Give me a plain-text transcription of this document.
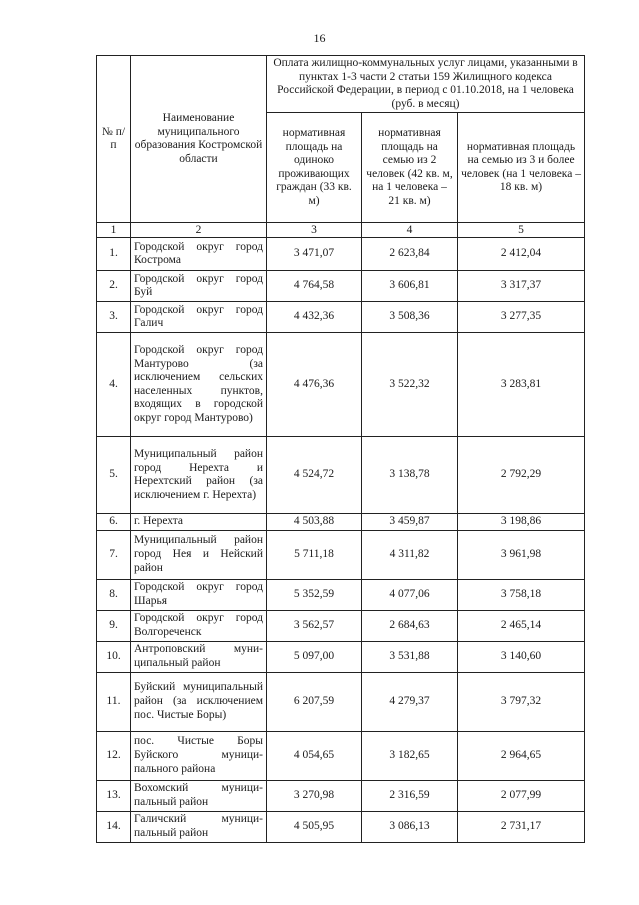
16
№ п/п	Наименование муниципального образования Костромской области	Оплата жилищно-коммунальных услуг лицами, указанными в пунктах 1-3 части 2 статьи 159 Жилищного кодекса Российской Федерации, в период с 01.10.2018, на 1 человека (руб. в месяц)		
		нормативная площадь на одиноко проживающих граждан (33 кв. м)	нормативная площадь на семью из 2 человек (42 кв. м, на 1 человека – 21 кв. м)	нормативная площадь на семью из 3 и более человек (на 1 человека – 18 кв. м)
1	2	3	4	5
1.	Городской округ город Кострома	3 471,07	2 623,84	2 412,04
2.	Городской округ город Буй	4 764,58	3 606,81	3 317,37
3.	Городской округ город Галич	4 432,36	3 508,36	3 277,35
4.	Городской округ город Мантурово (за исключением сельских населенных пунктов, входящих в городской округ город Мантурово)	4 476,36	3 522,32	3 283,81
5.	Муниципальный район город Нерехта и Нерехтский район (за исключением г. Нерехта)	4 524,72	3 138,78	2 792,29
6.	г. Нерехта	4 503,88	3 459,87	3 198,86
7.	Муниципальный район город Нея и Нейский район	5 711,18	4 311,82	3 961,98
8.	Городской округ город Шарья	5 352,59	4 077,06	3 758,18
9.	Городской округ город Волгореченск	3 562,57	2 684,63	2 465,14
10.	Антроповский муниципальный район	5 097,00	3 531,88	3 140,60
11.	Буйский муниципальный район (за исключением пос. Чистые Боры)	6 207,59	4 279,37	3 797,32
12.	пос. Чистые Боры Буйского муниципального района	4 054,65	3 182,65	2 964,65
13.	Вохомский муниципальный район	3 270,98	2 316,59	2 077,99
14.	Галичский муниципальный район	4 505,95	3 086,13	2 731,17
